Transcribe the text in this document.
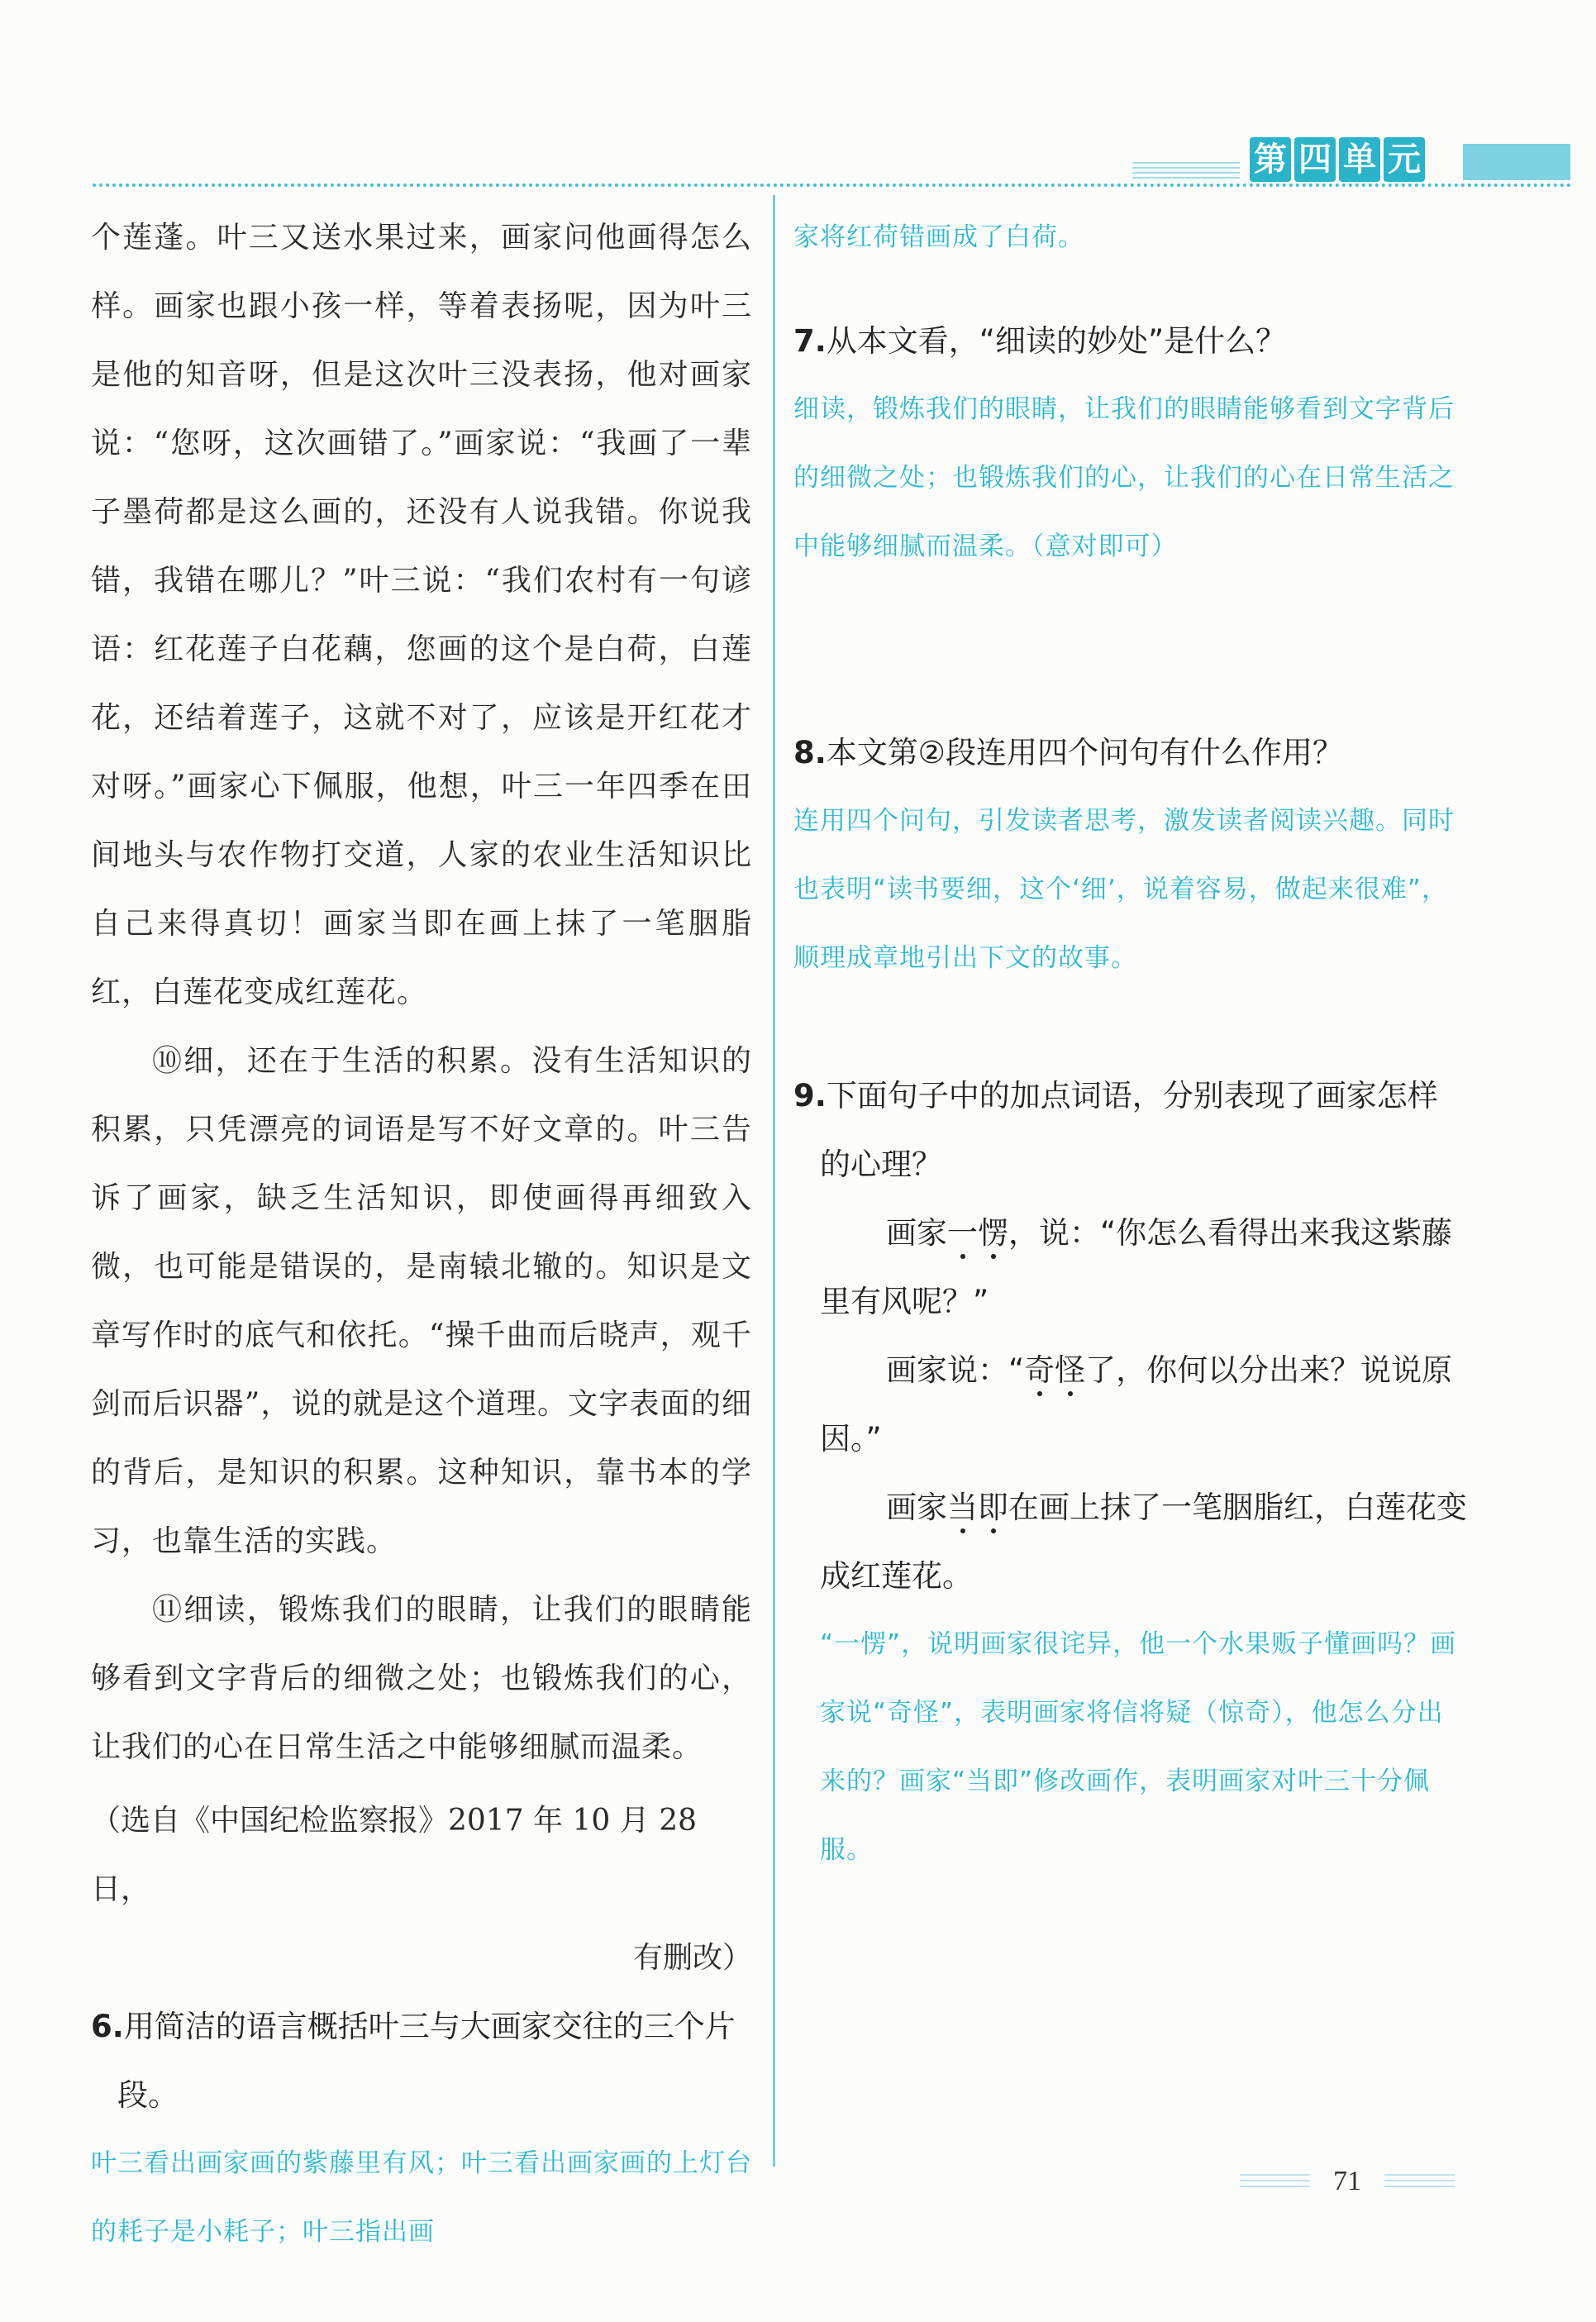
第 四 单 元

个莲蓬。叶三又送水果过来，画家问他画得怎么样。画家也跟小孩一样，等着表扬呢，因为叶三是他的知音呀，但是这次叶三没表扬，他对画家说：“您呀，这次画错了。”画家说：“我画了一辈子墨荷都是这么画的，还没有人说我错。你说我错，我错在哪儿？”叶三说：“我们农村有一句谚语：红花莲子白花藕，您画的这个是白荷，白莲花，还结着莲子，这就不对了，应该是开红花才对呀。”画家心下佩服，他想，叶三一年四季在田间地头与农作物打交道，人家的农业生活知识比自己来得真切！画家当即在画上抹了一笔胭脂红，白莲花变成红莲花。

⑩细，还在于生活的积累。没有生活知识的积累，只凭漂亮的词语是写不好文章的。叶三告诉了画家，缺乏生活知识，即使画得再细致入微，也可能是错误的，是南辕北辙的。知识是文章写作时的底气和依托。“操千曲而后晓声，观千剑而后识器”，说的就是这个道理。文字表面的细的背后，是知识的积累。这种知识，靠书本的学习，也靠生活的实践。

⑪细读，锻炼我们的眼睛，让我们的眼睛能够看到文字背后的细微之处；也锻炼我们的心，让我们的心在日常生活之中能够细腻而温柔。

（选自《中国纪检监察报》2017 年 10 月 28 日，

有删改）

6.用简洁的语言概括叶三与大画家交往的三个片段。

叶三看出画家画的紫藤里有风；叶三看出画家画的上灯台的耗子是小耗子；叶三指出画

家将红荷错画成了白荷。

7.从本文看，“细读的妙处”是什么？

细读，锻炼我们的眼睛，让我们的眼睛能够看到文字背后的细微之处；也锻炼我们的心，让我们的心在日常生活之中能够细腻而温柔。（意对即可）

8.本文第②段连用四个问句有什么作用？

连用四个问句，引发读者思考，激发读者阅读兴趣。同时也表明“读书要细，这个‘细’，说着容易，做起来很难”，顺理成章地引出下文的故事。

9.下面句子中的加点词语，分别表现了画家怎样的心理？

画家一愣，说：“你怎么看得出来我这紫藤里有风呢？”

画家说：“奇怪了，你何以分出来？说说原因。”

画家当即在画上抹了一笔胭脂红，白莲花变成红莲花。

“一愣”，说明画家很诧异，他一个水果贩子懂画吗？画家说“奇怪”，表明画家将信将疑（惊奇），他怎么分出来的？画家“当即”修改画作，表明画家对叶三十分佩服。

71
